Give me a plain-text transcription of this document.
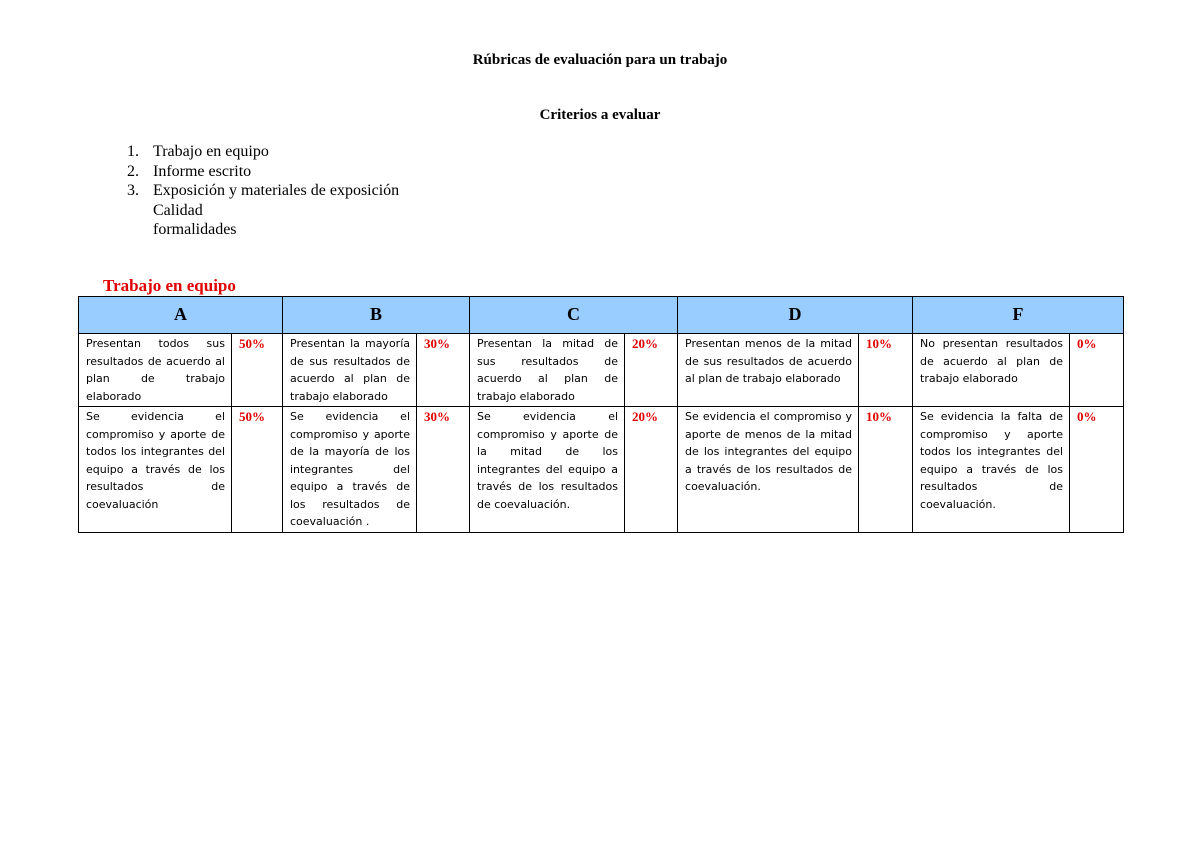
Rúbricas de evaluación para un trabajo
Criterios a evaluar
1. Trabajo en equipo
2. Informe escrito
3. Exposición y materiales de exposición
Calidad
formalidades
Trabajo en equipo
A		B		C		D		F	
Presentan todos sus resultados de acuerdo al plan de trabajo elaborado	50%	Presentan la mayoría de sus resultados de acuerdo al plan de trabajo elaborado	30%	Presentan la mitad de sus resultados de acuerdo al plan de trabajo elaborado	20%	Presentan menos de la mitad de sus resultados de acuerdo al plan de trabajo elaborado	10%	No presentan resultados de acuerdo al plan de trabajo elaborado	0%
Se evidencia el compromiso y aporte de todos los integrantes del equipo a través de los resultados de coevaluación	50%	Se evidencia el compromiso y aporte de la mayoría de los integrantes del equipo a través de los resultados de coevaluación .	30%	Se evidencia el compromiso y aporte de la mitad de los integrantes del equipo a través de los resultados de coevaluación.	20%	Se evidencia el compromiso y aporte de menos de la mitad de los integrantes del equipo a través de los resultados de coevaluación.	10%	Se evidencia la falta de compromiso y aporte todos los integrantes del equipo a través de los resultados de coevaluación.	0%
